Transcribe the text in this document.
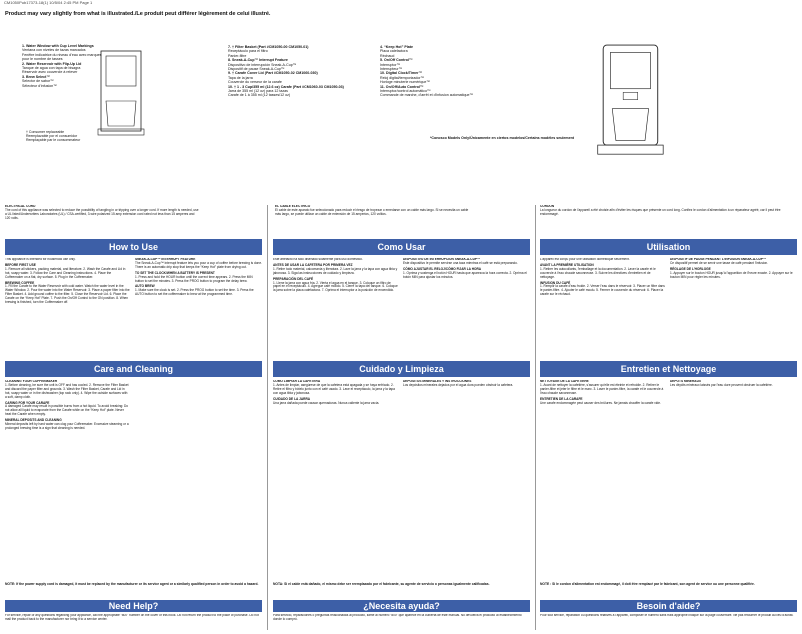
CM1050Pub17373-18(1) 10/5/04 2:45 PM Page 1
Product may vary slightly from what is illustrated./Le produit peut différer légèrement de celui illustré.
1. Water Window with Cup Level Markings
Ventana con niveles de tazas marcados
Fenêtre indicatrice du niveau d'eau avec marques
pour le nombre de tasses
2. Water Reservoir with Flip-Up Lid
Tanque de agua con tapa de bisagra
Réservoir avec couvercle à relever
3. Brew Select™
Selector de sabor™
Sélecteur d'infusion™
† Consumer replaceable
Reemplazable por el consumidor
Remplaçable par le consommateur
7. † Filter Basket (Part #CM1050-00 CM1050-01)
Receptáculo para el filtro
Panier-filtre
8. Sneak-A-Cup™ Interrupt Feature
Dispositivo de interrupción Sneak-A-Cup™
Dispositif de pause Sneak-A-Cup™
9. † Carafe Cover Lid (Part #CM1050-02 CM1060-030)
Tapa de la jarra
Couvercle du verseur de la carafe
10. † 1 - 3 Cup/355 ml (12.6 oz) Carafe (Part #CM1060-03 CM1050-03)
Jarra de 355 ml (12 oz) para 12 tazas
Carafe de 1 à 355 ml (12 tasses/12 oz)
4. “Keep Hot” Plate
Placa calefactora
Réchaud
5. On/Off Control™
Interruptor™
Interrupteur™
10. Digital Clock/Timer™
Reloj digital/temporizador™
Horloge minuterie numérique™
11. On/Off/Auto Control™
Interruptor/control automático™
Commande de marche, d'arrêt et d'infusion automatique™
*Conosco Models Only/Únicamente en ciertos modelos/Certains modèles seulement

ELECTRICAL CORD

The cord of this appliance was selected to reduce the possibility of tangling in or tripping over a longer cord. If more length is needed, use a UL listed/Underwriters Laboratories (UL) / CSA-certified, 3-wire polarized 15 amp extension cord rated not less than 15 amperes and 120 volts.

EL CABLE ELÉCTRICO

El cable de este aparato fue seleccionado para reducir el riesgo de tropezar o enredarse con un cable más largo. Si se necesita un cable más largo, se puede utilizar un cable de extensión de 15 amperios, 120 voltios.

CORDON

La longueur du cordon de l'appareil a été choisie afin d'éviter les risques que présente un cord long. Confiez le cordon d'alimentation à un réparateur agréé, car il peut être endommagé.

How to Use	Como Usar	Utilisation

This appliance is intended for household use only.

BEFORE FIRST USE

1. Remove all stickers, packing material, and literature. 2. Wash the Carafe and Lid in hot, soapy water. 3. Follow the Care and Cleaning instructions. 4. Place the Coffeemaker on a flat, dry surface. 5. Plug in the Coffeemaker.

BREWING COFFEE

1. Fill the Carafe to the Water Reservoir with cold water. Watch the water level in the Water Window. 2. Pour the water into the Water Reservoir. 3. Place a paper filter into the Filter Basket. 4. Add ground coffee to the filter. 5. Close the Reservoir Lid. 6. Place the Carafe on the “Keep Hot” Plate. 7. Push the On/Off Control to the ON position. 8. When brewing is finished, turn the Coffeemaker off.

SNEAK-A-CUP™ INTERRUPT FEATURE

The Sneak-A-Cup™ interrupt feature lets you pour a cup of coffee before brewing is done. There is an automatic drip stop that keeps the “Keep Hot” plate from drying out.

TO SET THE CLOCK/WHEN A BATTERY IS PRESENT

1. Press and hold the HOUR button until the correct time appears. 2. Press the MIN button to set the minutes. 3. Press the PROG button to program the delay brew.

AUTO BREW

1. Make sure the clock is set. 2. Press the PROG button to set the time. 3. Press the AUTO button to set the coffeemaker to brew at the programmed time.

Este artefacto ha sido diseñado solamente para uso doméstico.

ANTES DE USAR LA CAFETERA POR PRIMERA VEZ

1. Retire todo material, calcomanía y literatura. 2. Lave la jarra y la tapa con agua tibia y jabonosa. 3. Siga las instrucciones de cuidado y limpieza.

PREPARACIÓN DEL CAFÉ

1. Llene la jarra con agua fría. 2. Vierta el agua en el tanque. 3. Coloque un filtro de papel en el receptáculo. 4. Agregue café molido. 5. Cierre la tapa del tanque. 6. Coloque la jarra sobre la placa calefactora. 7. Oprima el interruptor a la posición de encendido.

DISPOSITIVO DE INTERRUPCIÓN SNEAK-A-CUP™

Este dispositivo le permite servirse una taza mientras el café se está preparando.

CÓMO AJUSTAR EL RELOJ/CÓMO FIJAR LA HORA

1. Oprima y sostenga el botón HOUR hasta que aparezca la hora correcta. 2. Oprima el botón MIN para ajustar los minutos.

L'appareil est conçu pour une utilisation domestique seulement.

AVANT LA PREMIÈRE UTILISATION

1. Retirer les autocollants, l'emballage et la documentation. 2. Laver la carafe et le couvercle à l'eau chaude savonneuse. 3. Suivre les directives d'entretien et de nettoyage.

INFUSION DU CAFÉ

1. Remplir la carafe d'eau froide. 2. Verser l'eau dans le réservoir. 3. Placer un filtre dans le panier-filtre. 4. Ajouter le café moulu. 5. Fermer le couvercle du réservoir. 6. Placer la carafe sur le réchaud.

DISPOSITIF DE PAUSE PENDANT L'INFUSION SNEAK-A-CUP™

Ce dispositif permet de se servir une tasse de café pendant l'infusion.

RÉGLAGE DE L'HORLOGE

1. Appuyer sur le bouton HOUR jusqu'à l'apparition de l'heure exacte. 2. Appuyer sur le bouton MIN pour régler les minutes.

Care and Cleaning	Cuidado y Limpieza	Entretien et Nettoyage

CLEANING YOUR COFFEEMAKER

1. Before cleaning, be sure the unit is OFF and has cooled. 2. Remove the Filter Basket and discard the paper filter and grounds. 3. Wash the Filter Basket, Carafe and Lid in hot, soapy water or in the dishwasher (top rack only). 4. Wipe the outside surfaces with a soft, damp cloth.

CARING FOR YOUR CARAFE

A damaged Carafe may result in possible burns from a hot liquid. To avoid breaking: Do not allow all liquid to evaporate from the Carafe while on the “Keep Hot” plate. Never heat the Carafe when empty.

MINERAL DEPOSITS AND CLEANING

Mineral deposits left by hard water can clog your Coffeemaker. Excessive steaming or a prolonged brewing time is a sign that cleaning is needed.

CÓMO LIMPIAR LA CAFETERA

1. Antes de limpiar, asegúrese de que la cafetera está apagada y se haya enfriado. 2. Retire el filtro y bótelo junto con el café usado. 3. Lave el receptáculo, la jarra y la tapa con agua tibia y jabonosa.

CUIDADO DE LA JARRA

Una jarra dañada puede causar quemaduras. Nunca caliente la jarra vacía.

DEPÓSITOS MINERALES Y INSTRUCCIONES

Los depósitos minerales dejados por el agua dura pueden obstruir la cafetera.

NETTOYAGE DE LA CAFETIÈRE

1. Avant de nettoyer la cafetière, s'assurer qu'elle est éteinte et refroidie. 2. Retirer le panier-filtre et jeter le filtre et le marc. 3. Laver le panier-filtre, la carafe et le couvercle à l'eau chaude savonneuse.

ENTRETIEN DE LA CARAFE

Une carafe endommagée peut causer des brûlures. Ne jamais chauffer la carafe vide.

DÉPÔTS MINÉRAUX

Les dépôts minéraux laissés par l'eau dure peuvent obstruer la cafetière.

NOTE: If the power supply cord is damaged, it must be replaced by the manufacturer or its service agent or a similarly qualified person in order to avoid a hazard.	NOTA: Si el cable está dañado, el mismo debe ser reemplazado por el fabricante, su agente de servicio o personas igualmente calificadas.	NOTE : Si le cordon d'alimentation est endommagé, il doit être remplacé par le fabricant, son agent de service ou une personne qualifiée.
Need Help?	¿Necesita ayuda?	Besoin d'aide?
For service, repair or any questions regarding your appliance, call the appropriate “800” number on the cover of this book. Do not return the product to the place of purchase. Do not mail the product back to the manufacturer nor bring it to a service center.
Para servicio, reparaciones o preguntas relacionadas al producto, llame al número “800” que aparece en la cubierta de este manual. No devuelva el producto al establecimiento donde lo compró.
Pour tout service, réparation ou questions relatives à l'appareil, composer le numéro sans frais approprié indiqué sur la page couverture. Ne pas retourner le produit au lieu d'achat.
